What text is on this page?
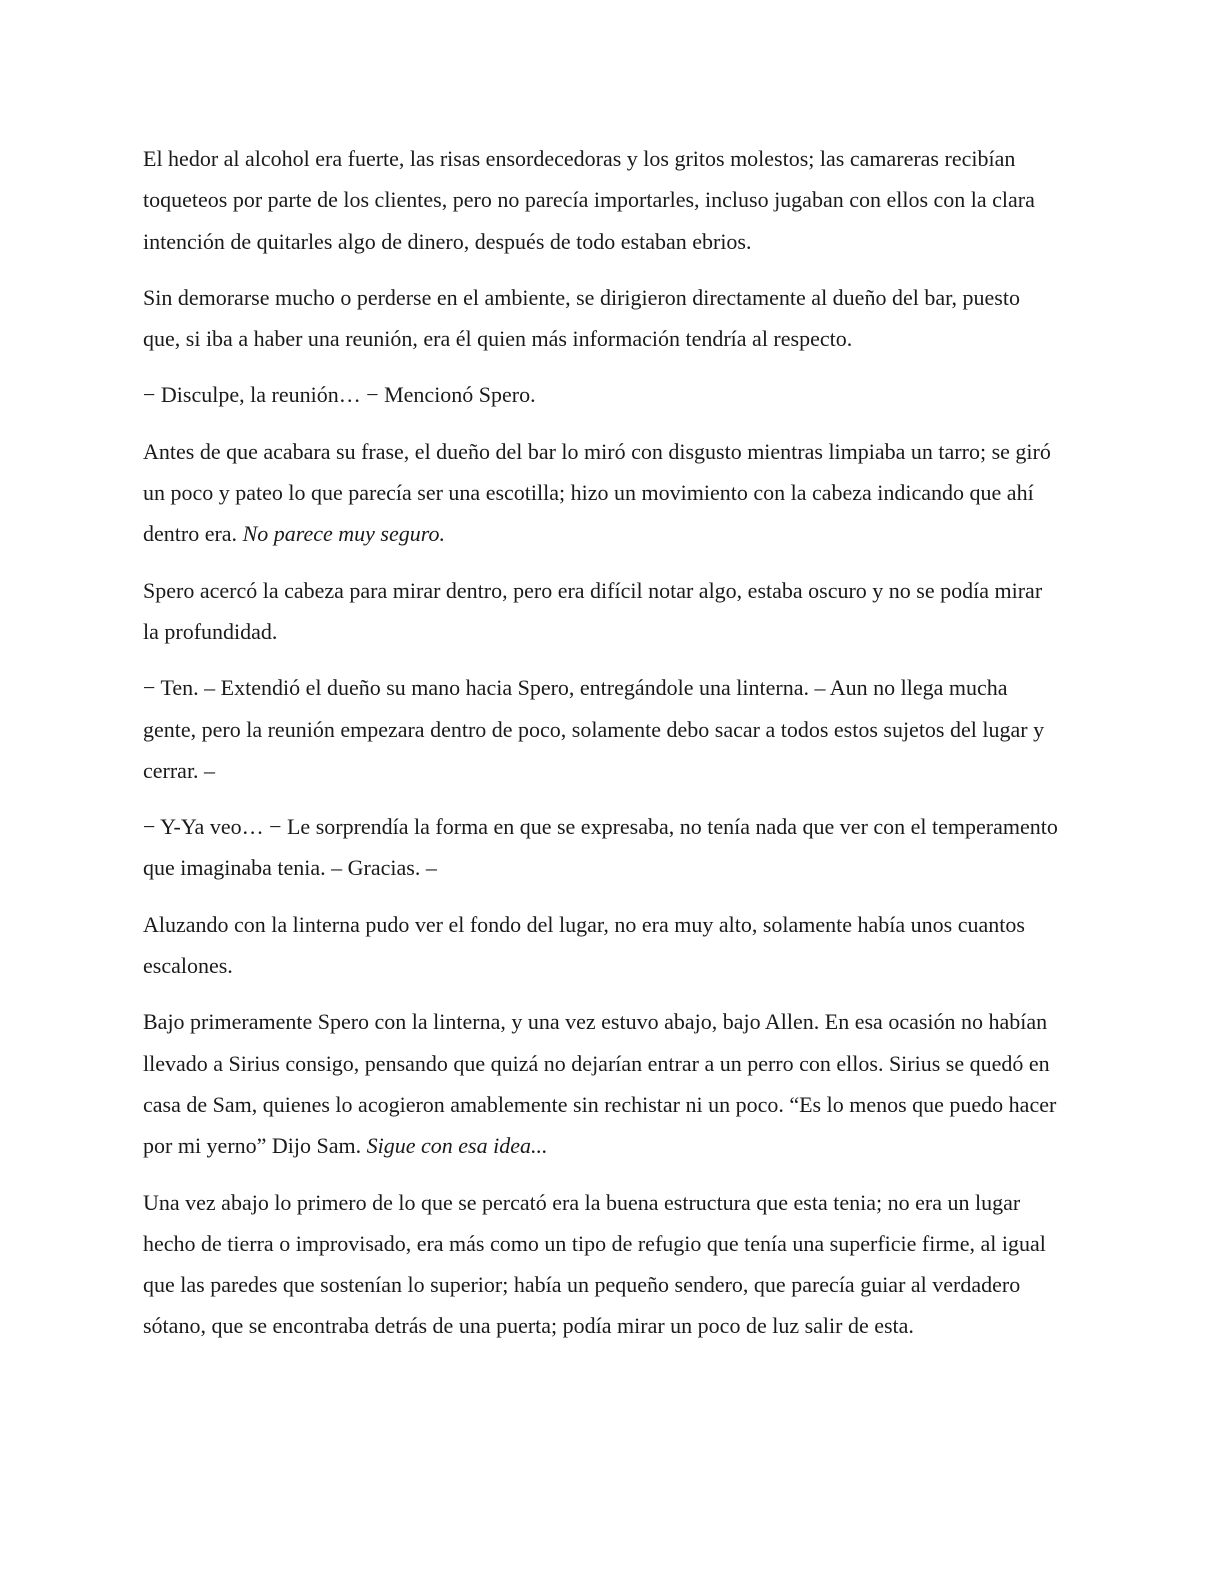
El hedor al alcohol era fuerte, las risas ensordecedoras y los gritos molestos; las camareras recibían toqueteos por parte de los clientes, pero no parecía importarles, incluso jugaban con ellos con la clara intención de quitarles algo de dinero, después de todo estaban ebrios.

Sin demorarse mucho o perderse en el ambiente, se dirigieron directamente al dueño del bar, puesto que, si iba a haber una reunión, era él quien más información tendría al respecto.

− Disculpe, la reunión… − Mencionó Spero.

Antes de que acabara su frase, el dueño del bar lo miró con disgusto mientras limpiaba un tarro; se giró un poco y pateo lo que parecía ser una escotilla; hizo un movimiento con la cabeza indicando que ahí dentro era. No parece muy seguro.

Spero acercó la cabeza para mirar dentro, pero era difícil notar algo, estaba oscuro y no se podía mirar la profundidad.

− Ten. – Extendió el dueño su mano hacia Spero, entregándole una linterna. – Aun no llega mucha gente, pero la reunión empezara dentro de poco, solamente debo sacar a todos estos sujetos del lugar y cerrar. –

− Y-Ya veo… − Le sorprendía la forma en que se expresaba, no tenía nada que ver con el temperamento que imaginaba tenia. – Gracias. –

Aluzando con la linterna pudo ver el fondo del lugar, no era muy alto, solamente había unos cuantos escalones.

Bajo primeramente Spero con la linterna, y una vez estuvo abajo, bajo Allen. En esa ocasión no habían llevado a Sirius consigo, pensando que quizá no dejarían entrar a un perro con ellos. Sirius se quedó en casa de Sam, quienes lo acogieron amablemente sin rechistar ni un poco. “Es lo menos que puedo hacer por mi yerno” Dijo Sam. Sigue con esa idea...

Una vez abajo lo primero de lo que se percató era la buena estructura que esta tenia; no era un lugar hecho de tierra o improvisado, era más como un tipo de refugio que tenía una superficie firme, al igual que las paredes que sostenían lo superior; había un pequeño sendero, que parecía guiar al verdadero sótano, que se encontraba detrás de una puerta; podía mirar un poco de luz salir de esta.
